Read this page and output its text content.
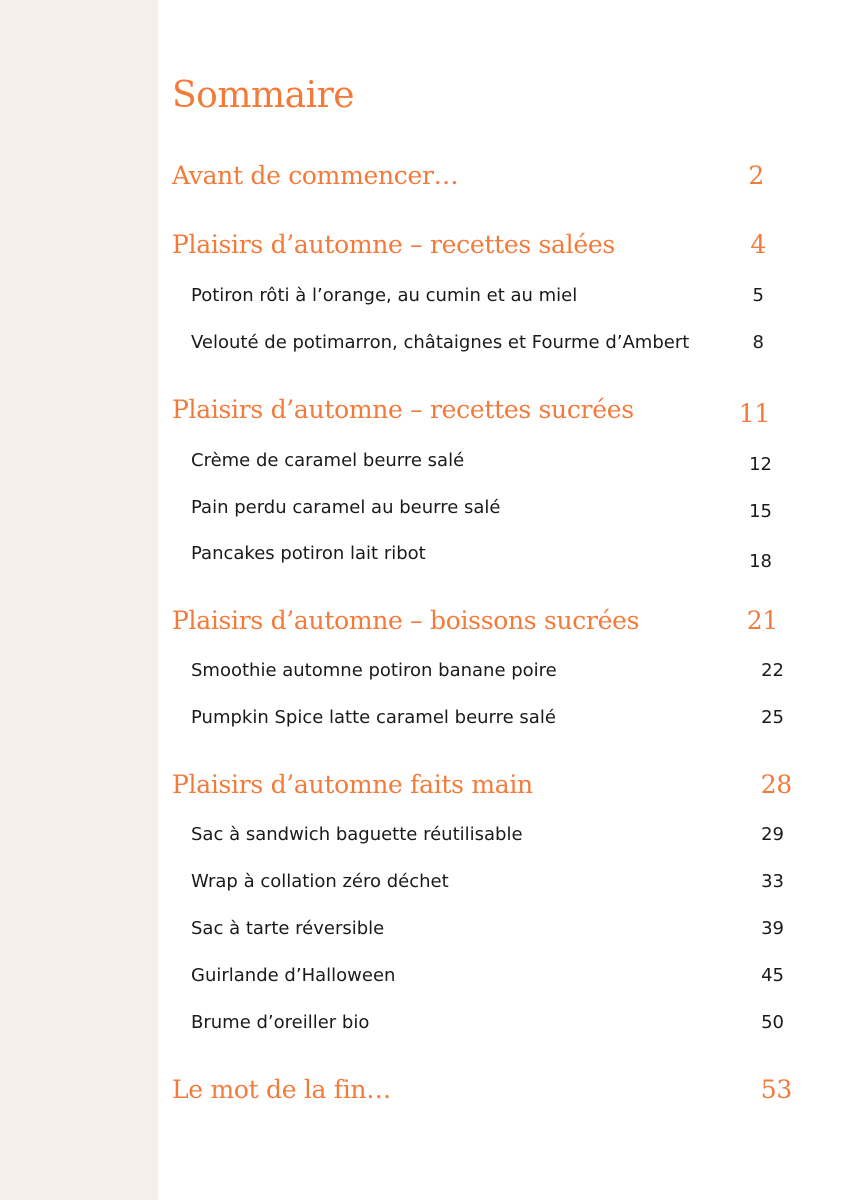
Sommaire
Avant de commencer…	2
Plaisirs d’automne – recettes salées	4
Potiron rôti à l’orange, au cumin et au miel	5
Velouté de potimarron, châtaignes et Fourme d’Ambert	8
Plaisirs d’automne – recettes sucrées	11
Crème de caramel beurre salé	12
Pain perdu caramel au beurre salé	15
Pancakes potiron lait ribot	18
Plaisirs d’automne – boissons sucrées	21
Smoothie automne potiron banane poire	22
Pumpkin Spice latte caramel beurre salé	25
Plaisirs d’automne faits main	28
Sac à sandwich baguette réutilisable	29
Wrap à collation zéro déchet	33
Sac à tarte réversible	39
Guirlande d’Halloween	45
Brume d’oreiller bio	50
Le mot de la fin…	53
